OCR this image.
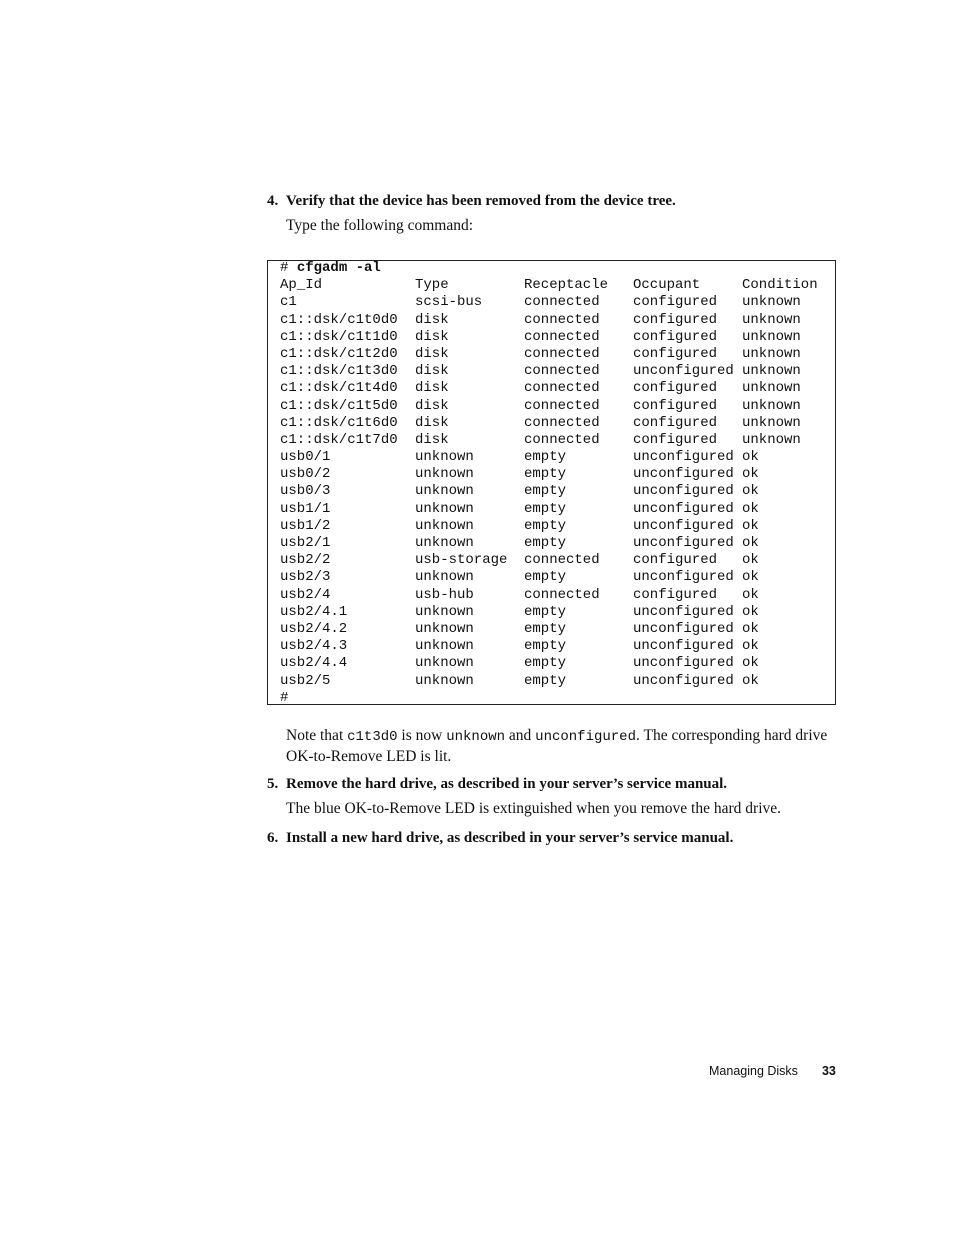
4. Verify that the device has been removed from the device tree.
Type the following command:
# cfgadm -al
Ap_Id	Type	Receptacle Occupant	Condition
c1	scsi-bus	connected configured unknown
c1::dsk/c1t0d0 disk	connected configured unknown
c1::dsk/c1t1d0 disk	connected configured unknown
c1::dsk/c1t2d0 disk	connected configured unknown
c1::dsk/c1t3d0 disk	connected unconfigured unknown
c1::dsk/c1t4d0 disk	connected configured unknown
c1::dsk/c1t5d0 disk	connected configured unknown
c1::dsk/c1t6d0 disk	connected configured unknown
c1::dsk/c1t7d0 disk	connected configured unknown
usb0/1	unknown	empty	unconfigured ok
usb0/2	unknown	empty	unconfigured ok
usb0/3	unknown	empty	unconfigured ok
usb1/1	unknown	empty	unconfigured ok
usb1/2	unknown	empty	unconfigured ok
usb2/1	unknown	empty	unconfigured ok
usb2/2	usb-storage connected configured ok
usb2/3	unknown	empty	unconfigured ok
usb2/4	usb-hub	connected configured ok
usb2/4.1	unknown	empty	unconfigured ok
usb2/4.2	unknown	empty	unconfigured ok
usb2/4.3	unknown	empty	unconfigured ok
usb2/4.4	unknown	empty	unconfigured ok
usb2/5	unknown	empty	unconfigured ok
#
Note that c1t3d0 is now unknown and unconfigured. The corresponding hard drive OK-to-Remove LED is lit.
5. Remove the hard drive, as described in your server’s service manual.
The blue OK-to-Remove LED is extinguished when you remove the hard drive.
6. Install a new hard drive, as described in your server’s service manual.
Managing Disks 33
